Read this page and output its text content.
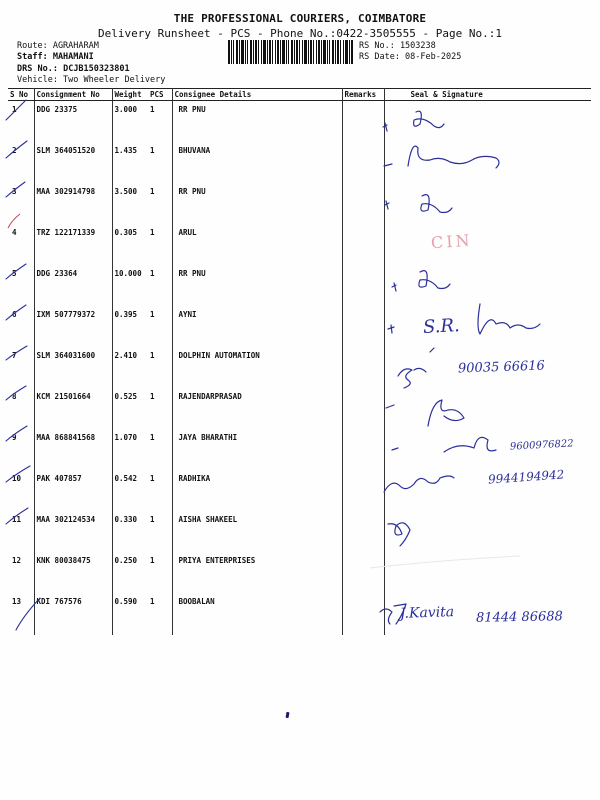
THE PROFESSIONAL COURIERS, COIMBATORE
Delivery Runsheet - PCS - Phone No.:0422-3505555 - Page No.:1
Route: AGRAHARAM
Staff: MAHAMANI
DRS No.: DCJB150323801
Vehicle: Two Wheeler Delivery
RS No.: 1503238
RS Date: 08-Feb-2025
S No	Consignment No	Weight	PCS	Consignee Details	Remarks	Seal & Signature
1	DDG 23375	3.000	1	RR PNU		
2	SLM 364051520	1.435	1	BHUVANA		
3	MAA 302914798	3.500	1	RR PNU		
4	TRZ 122171339	0.305	1	ARUL		
5	DDG 23364	10.000	1	RR PNU		
6	IXM 507779372	0.395	1	AYNI		
7	SLM 364031600	2.410	1	DOLPHIN AUTOMATION		
8	KCM 21501664	0.525	1	RAJENDARPRASAD		
9	MAA 868841568	1.070	1	JAYA BHARATHI		
10	PAK 407857	0.542	1	RADHIKA		
11	MAA 302124534	0.330	1	AISHA SHAKEEL		
12	KNK 80038475	0.250	1	PRIYA ENTERPRISES		
13	KDI 767576	0.590	1	BOOBALAN		
CIN
S.R.
90035 66616
9600976822
9944194942
J.Kavita 81444 86688
